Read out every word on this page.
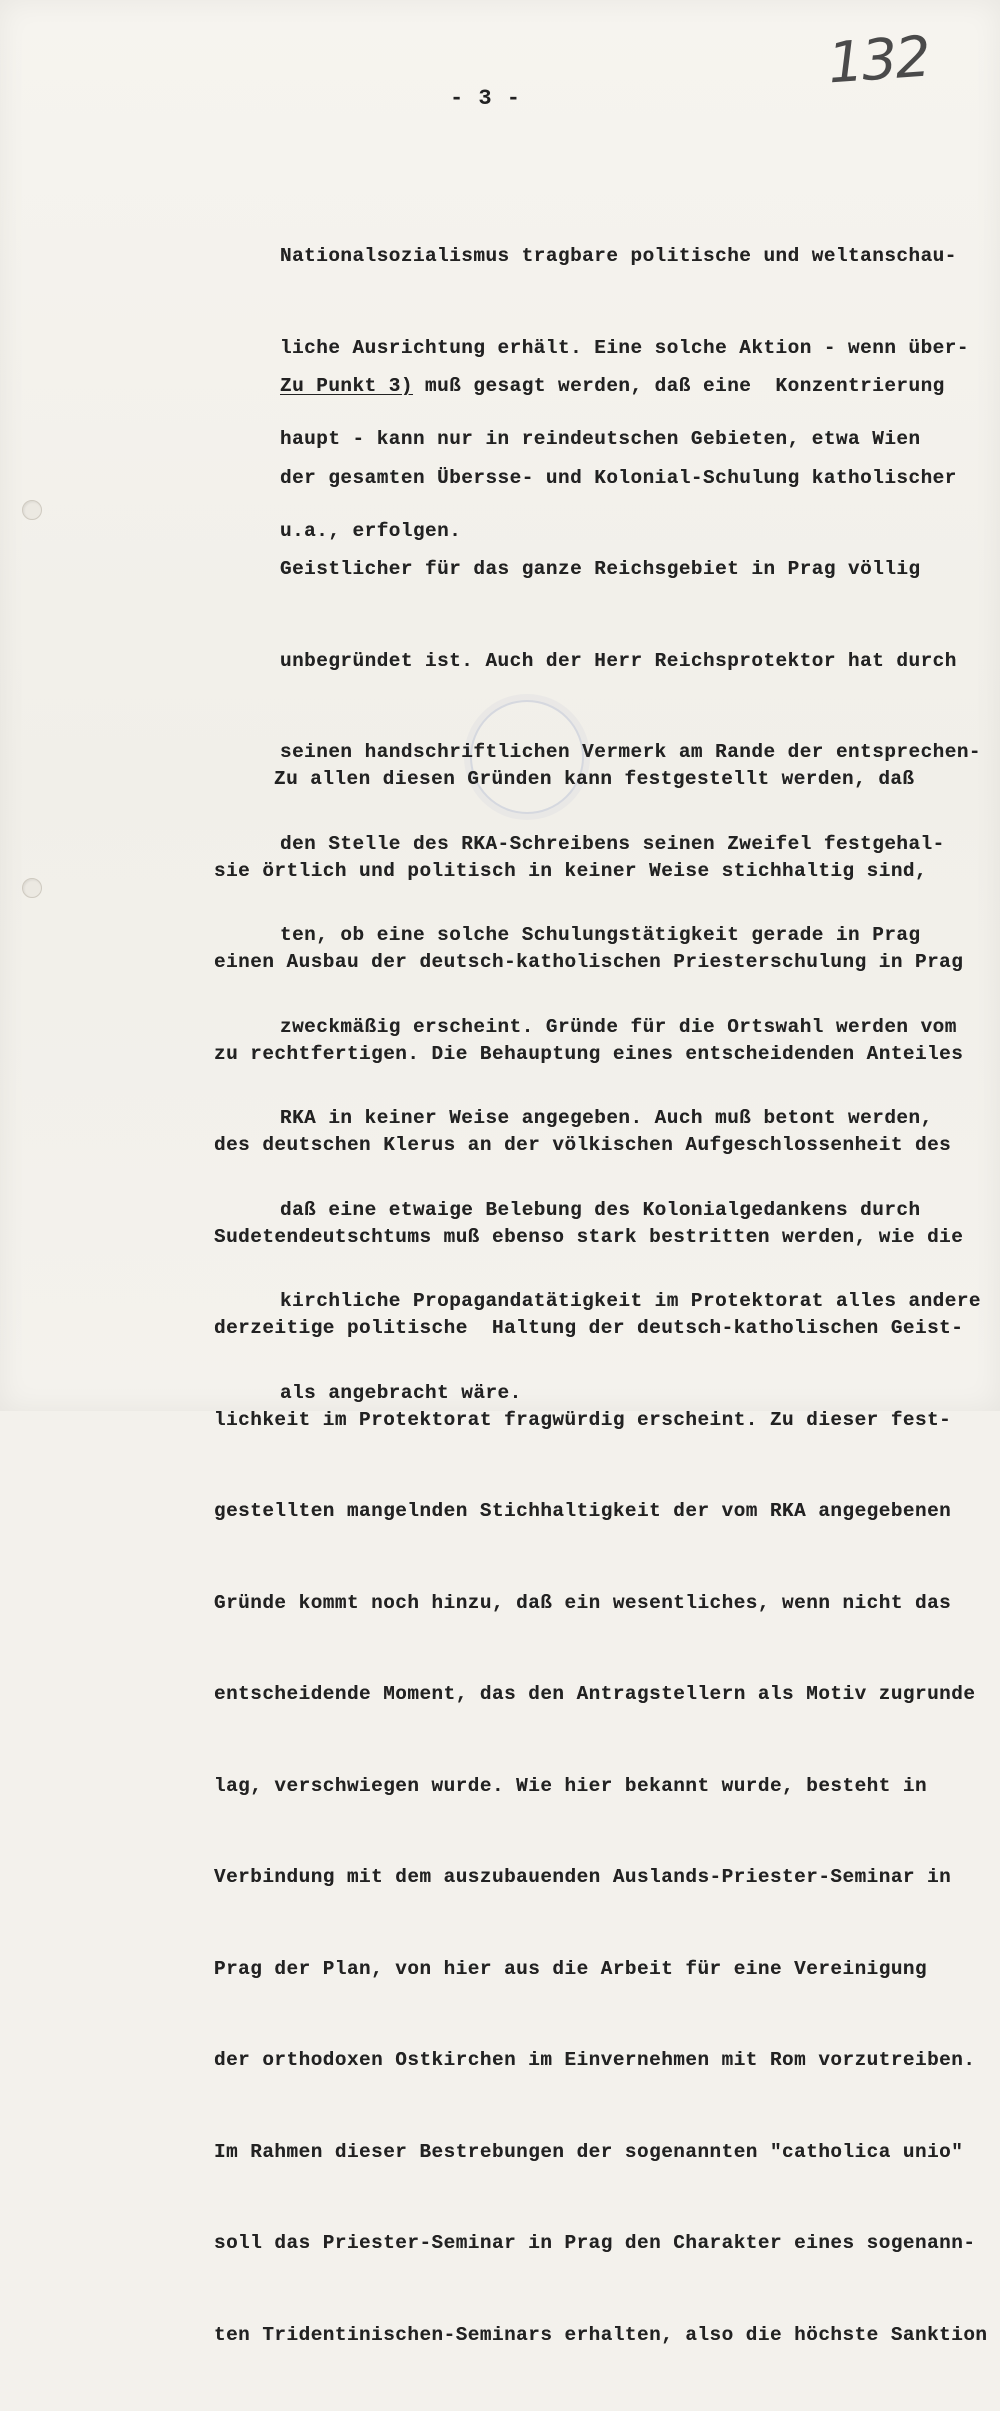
132
- 3 -

Nationalsozialismus tragbare politische und weltanschau-

liche Ausrichtung erhält. Eine solche Aktion - wenn über-

haupt - kann nur in reindeutschen Gebieten, etwa Wien

u.a., erfolgen.

Zu Punkt 3) muß gesagt werden, daß eine  Konzentrierung

der gesamten Übersse- und Kolonial-Schulung katholischer

Geistlicher für das ganze Reichsgebiet in Prag völlig

unbegründet ist. Auch der Herr Reichsprotektor hat durch

seinen handschriftlichen Vermerk am Rande der entsprechen-

den Stelle des RKA-Schreibens seinen Zweifel festgehal-

ten, ob eine solche Schulungstätigkeit gerade in Prag

zweckmäßig erscheint. Gründe für die Ortswahl werden vom

RKA in keiner Weise angegeben. Auch muß betont werden,

daß eine etwaige Belebung des Kolonialgedankens durch

kirchliche Propagandatätigkeit im Protektorat alles andere

als angebracht wäre.

Zu allen diesen Gründen kann festgestellt werden, daß

sie örtlich und politisch in keiner Weise stichhaltig sind,

einen Ausbau der deutsch-katholischen Priesterschulung in Prag

zu rechtfertigen. Die Behauptung eines entscheidenden Anteiles

des deutschen Klerus an der völkischen Aufgeschlossenheit des

Sudetendeutschtums muß ebenso stark bestritten werden, wie die

derzeitige politische  Haltung der deutsch-katholischen Geist-

lichkeit im Protektorat fragwürdig erscheint. Zu dieser fest-

gestellten mangelnden Stichhaltigkeit der vom RKA angegebenen

Gründe kommt noch hinzu, daß ein wesentliches, wenn nicht das

entscheidende Moment, das den Antragstellern als Motiv zugrunde

lag, verschwiegen wurde. Wie hier bekannt wurde, besteht in

Verbindung mit dem auszubauenden Auslands-Priester-Seminar in

Prag der Plan, von hier aus die Arbeit für eine Vereinigung

der orthodoxen Ostkirchen im Einvernehmen mit Rom vorzutreiben.

Im Rahmen dieser Bestrebungen der sogenannten "catholica unio"

soll das Priester-Seminar in Prag den Charakter eines sogenann-

ten Tridentinischen-Seminars erhalten, also die höchste Sanktion
